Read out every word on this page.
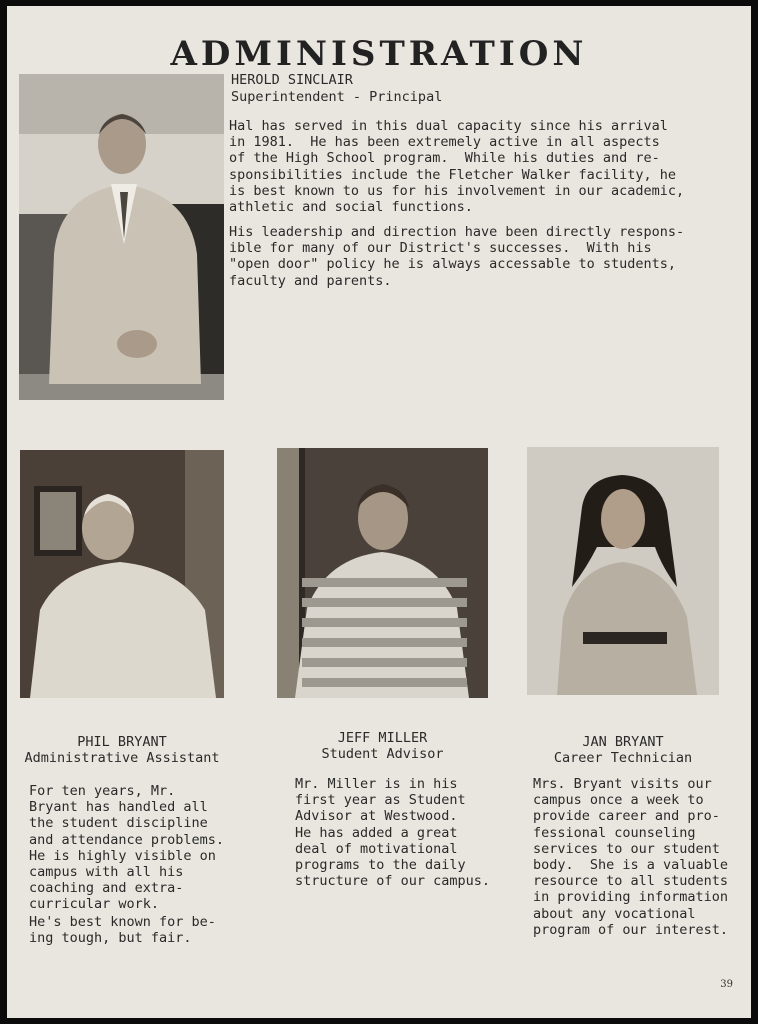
ADMINISTRATION
HEROLD SINCLAIR
Superintendent - Principal
Hal has served in this dual capacity since his arrival
in 1981.  He has been extremely active in all aspects
of the High School program.  While his duties and re-
sponsibilities include the Fletcher Walker facility, he
is best known to us for his involvement in our academic,
athletic and social functions.
His leadership and direction have been directly respons-
ible for many of our District's successes.  With his
"open door" policy he is always accessable to students,
faculty and parents.
PHIL BRYANT
Administrative Assistant
For ten years, Mr.
Bryant has handled all
the student discipline
and attendance problems.
He is highly visible on
campus with all his
coaching and extra-
curricular work.
He's best known for be-
ing tough, but fair.
JEFF MILLER
Student Advisor
Mr. Miller is in his
first year as Student
Advisor at Westwood.
He has added a great
deal of motivational
programs to the daily
structure of our campus.
JAN BRYANT
Career Technician
Mrs. Bryant visits our
campus once a week to
provide career and pro-
fessional counseling
services to our student
body.  She is a valuable
resource to all students
in providing information
about any vocational
program of our interest.
39
